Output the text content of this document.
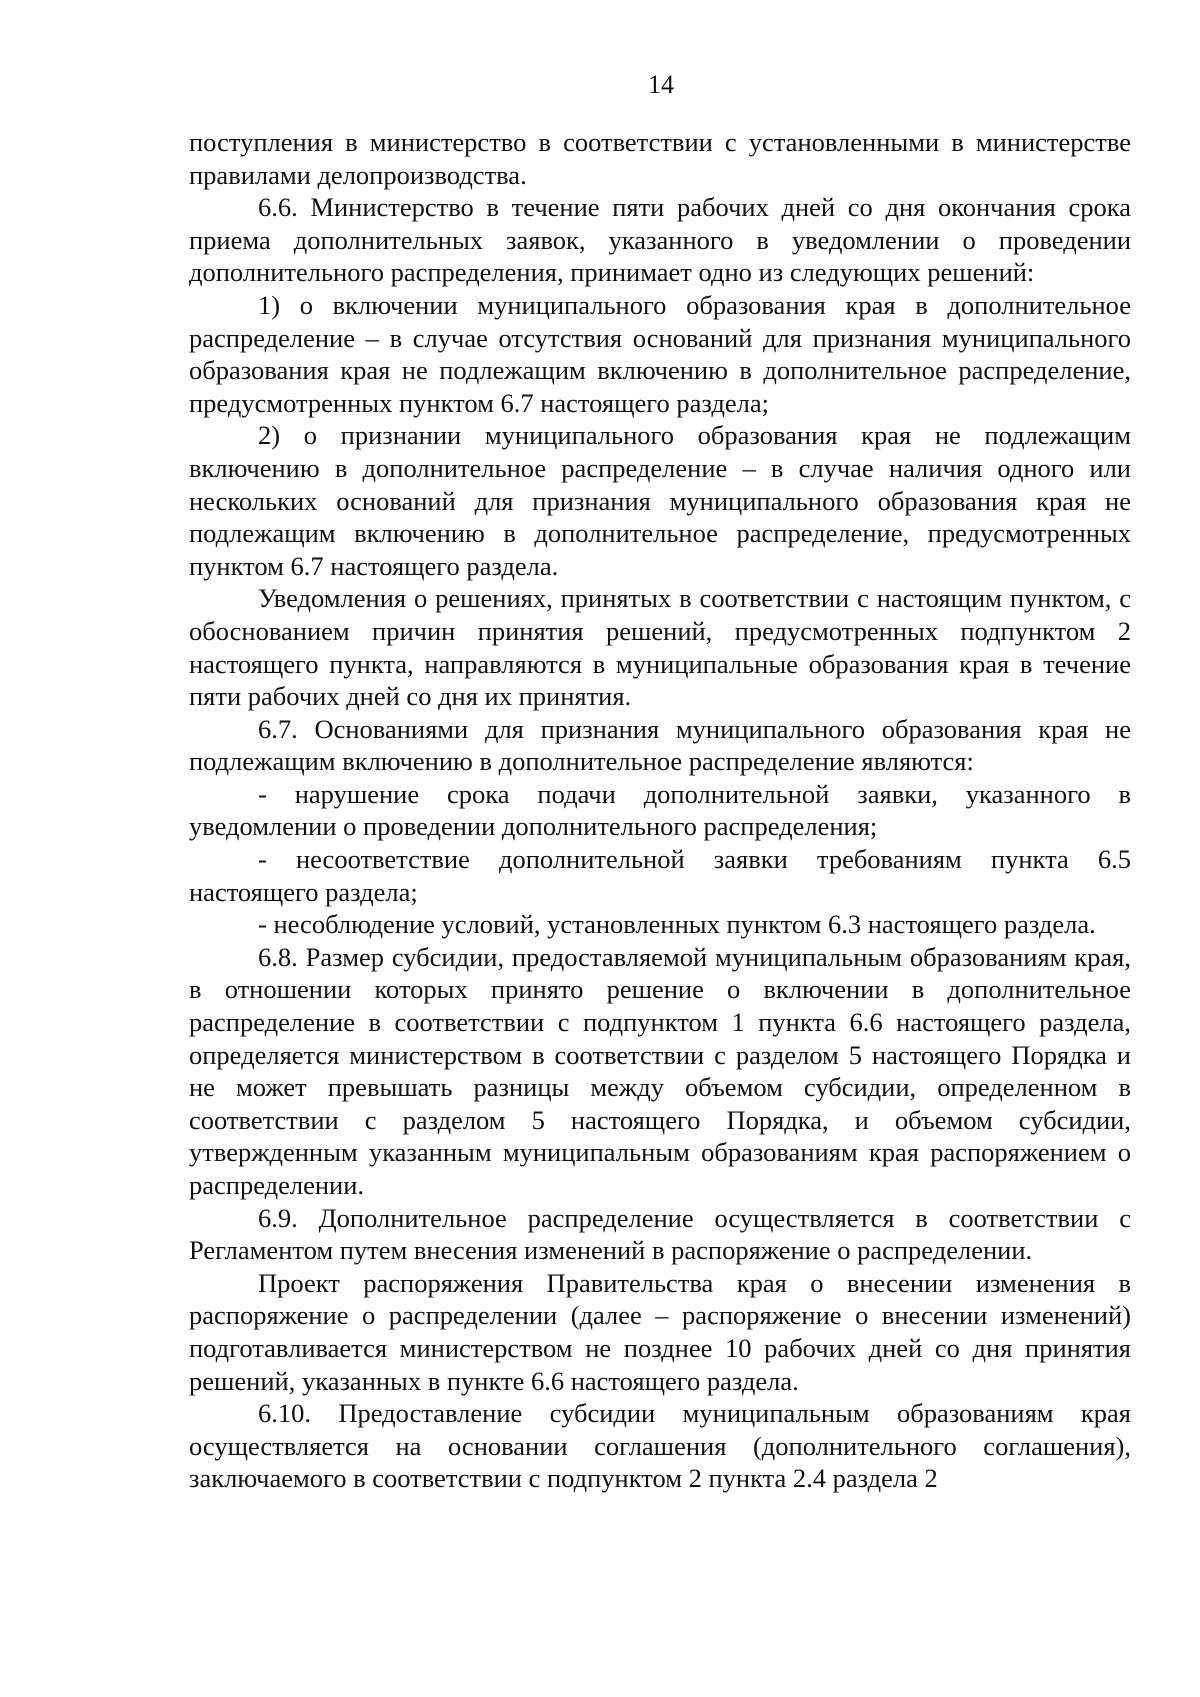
14

поступления в министерство в соответствии с установленными в министерстве правилами делопроизводства.

6.6. Министерство в течение пяти рабочих дней со дня окончания срока приема дополнительных заявок, указанного в уведомлении о проведении дополнительного распределения, принимает одно из следующих решений:

1) о включении муниципального образования края в дополнительное распределение – в случае отсутствия оснований для признания муниципального образования края не подлежащим включению в дополнительное распределение, предусмотренных пунктом 6.7 настоящего раздела;

2) о признании муниципального образования края не подлежащим включению в дополнительное распределение – в случае наличия одного или нескольких оснований для признания муниципального образования края не подлежащим включению в дополнительное распределение, предусмотренных пунктом 6.7 настоящего раздела.

Уведомления о решениях, принятых в соответствии с настоящим пунктом, с обоснованием причин принятия решений, предусмотренных подпунктом 2 настоящего пункта, направляются в муниципальные образования края в течение пяти рабочих дней со дня их принятия.

6.7. Основаниями для признания муниципального образования края не подлежащим включению в дополнительное распределение являются:

- нарушение срока подачи дополнительной заявки, указанного в уведомлении о проведении дополнительного распределения;

- несоответствие дополнительной заявки требованиям пункта 6.5 настоящего раздела;

- несоблюдение условий, установленных пунктом 6.3 настоящего раздела.

6.8. Размер субсидии, предоставляемой муниципальным образованиям края, в отношении которых принято решение о включении в дополнительное распределение в соответствии с подпунктом 1 пункта 6.6 настоящего раздела, определяется министерством в соответствии с разделом 5 настоящего Порядка и не может превышать разницы между объемом субсидии, определенном в соответствии с разделом 5 настоящего Порядка, и объемом субсидии, утвержденным указанным муниципальным образованиям края распоряжением о распределении.

6.9. Дополнительное распределение осуществляется в соответствии с Регламентом путем внесения изменений в распоряжение о распределении.

Проект распоряжения Правительства края о внесении изменения в распоряжение о распределении (далее – распоряжение о внесении изменений) подготавливается министерством не позднее 10 рабочих дней со дня принятия решений, указанных в пункте 6.6 настоящего раздела.

6.10. Предоставление субсидии муниципальным образованиям края осуществляется на основании соглашения (дополнительного соглашения), заключаемого в соответствии с подпунктом 2 пункта 2.4 раздела 2
